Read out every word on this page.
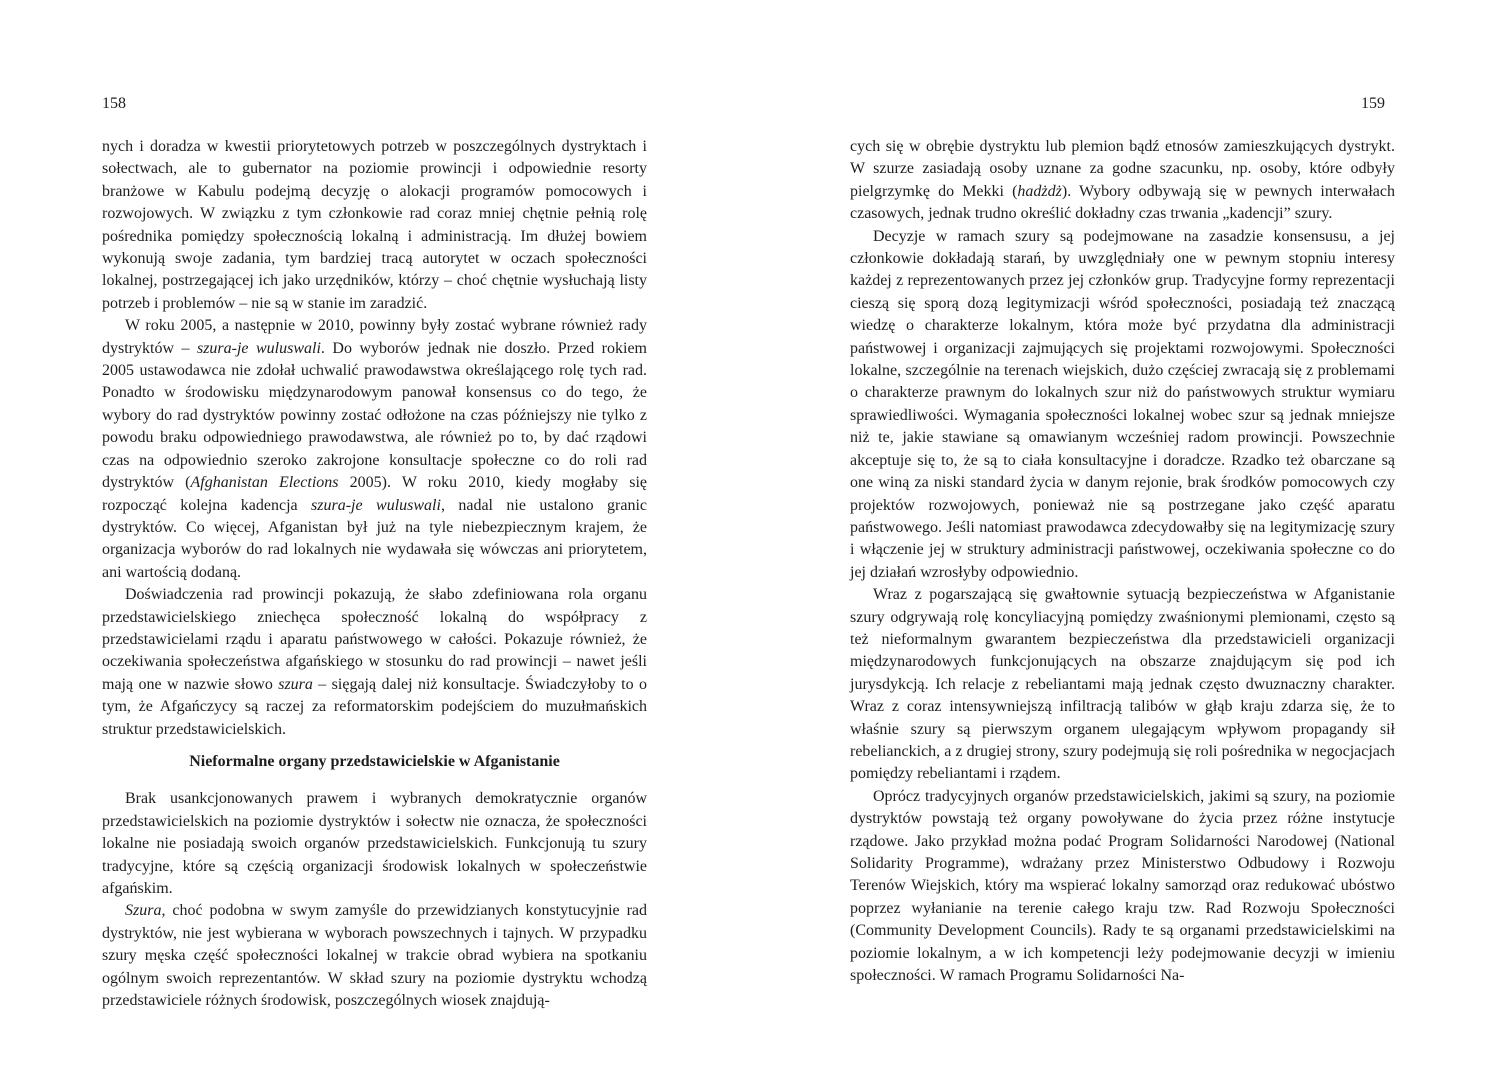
158

nych i doradza w kwestii priorytetowych potrzeb w poszczególnych dystryktach i sołectwach, ale to gubernator na poziomie prowincji i odpowiednie resorty branżowe w Kabulu podejmą decyzję o alokacji programów pomocowych i rozwojowych. W związku z tym członkowie rad coraz mniej chętnie pełnią rolę pośrednika pomiędzy społecznością lokalną i administracją. Im dłużej bowiem wykonują swoje zadania, tym bardziej tracą autorytet w oczach społeczności lokalnej, postrzegającej ich jako urzędników, którzy – choć chętnie wysłuchają listy potrzeb i problemów – nie są w stanie im zaradzić.

W roku 2005, a następnie w 2010, powinny były zostać wybrane również rady dystryktów – szura-je wuluswali. Do wyborów jednak nie doszło. Przed rokiem 2005 ustawodawca nie zdołał uchwalić prawodawstwa określającego rolę tych rad. Ponadto w środowisku międzynarodowym panował konsensus co do tego, że wybory do rad dystryktów powinny zostać odłożone na czas późniejszy nie tylko z powodu braku odpowiedniego prawodawstwa, ale również po to, by dać rządowi czas na odpowiednio szeroko zakrojone konsultacje społeczne co do roli rad dystryktów (Afghanistan Elections 2005). W roku 2010, kiedy mogłaby się rozpocząć kolejna kadencja szura-je wuluswali, nadal nie ustalono granic dystryktów. Co więcej, Afganistan był już na tyle niebezpiecznym krajem, że organizacja wyborów do rad lokalnych nie wydawała się wówczas ani priorytetem, ani wartością dodaną.

Doświadczenia rad prowincji pokazują, że słabo zdefiniowana rola organu przedstawicielskiego zniechęca społeczność lokalną do współpracy z przedstawicielami rządu i aparatu państwowego w całości. Pokazuje również, że oczekiwania społeczeństwa afgańskiego w stosunku do rad prowincji – nawet jeśli mają one w nazwie słowo szura – sięgają dalej niż konsultacje. Świadczyłoby to o tym, że Afgańczycy są raczej za reformatorskim podejściem do muzułmańskich struktur przedstawicielskich.

Nieformalne organy przedstawicielskie w Afganistanie

Brak usankcjonowanych prawem i wybranych demokratycznie organów przedstawicielskich na poziomie dystryktów i sołectw nie oznacza, że społeczności lokalne nie posiadają swoich organów przedstawicielskich. Funkcjonują tu szury tradycyjne, które są częścią organizacji środowisk lokalnych w społeczeństwie afgańskim.

Szura, choć podobna w swym zamyśle do przewidzianych konstytucyjnie rad dystryktów, nie jest wybierana w wyborach powszechnych i tajnych. W przypadku szury męska część społeczności lokalnej w trakcie obrad wybiera na spotkaniu ogólnym swoich reprezentantów. W skład szury na poziomie dystryktu wchodzą przedstawiciele różnych środowisk, poszczególnych wiosek znajdują-

159

cych się w obrębie dystryktu lub plemion bądź etnosów zamieszkujących dystrykt. W szurze zasiadają osoby uznane za godne szacunku, np. osoby, które odbyły pielgrzymkę do Mekki (hadżdż). Wybory odbywają się w pewnych interwałach czasowych, jednak trudno określić dokładny czas trwania „kadencji” szury.

Decyzje w ramach szury są podejmowane na zasadzie konsensusu, a jej członkowie dokładają starań, by uwzględniały one w pewnym stopniu interesy każdej z reprezentowanych przez jej członków grup. Tradycyjne formy reprezentacji cieszą się sporą dozą legitymizacji wśród społeczności, posiadają też znaczącą wiedzę o charakterze lokalnym, która może być przydatna dla administracji państwowej i organizacji zajmujących się projektami rozwojowymi. Społeczności lokalne, szczególnie na terenach wiejskich, dużo częściej zwracają się z problemami o charakterze prawnym do lokalnych szur niż do państwowych struktur wymiaru sprawiedliwości. Wymagania społeczności lokalnej wobec szur są jednak mniejsze niż te, jakie stawiane są omawianym wcześniej radom prowincji. Powszechnie akceptuje się to, że są to ciała konsultacyjne i doradcze. Rzadko też obarczane są one winą za niski standard życia w danym rejonie, brak środków pomocowych czy projektów rozwojowych, ponieważ nie są postrzegane jako część aparatu państwowego. Jeśli natomiast prawodawca zdecydowałby się na legitymizację szury i włączenie jej w struktury administracji państwowej, oczekiwania społeczne co do jej działań wzrosłyby odpowiednio.

Wraz z pogarszającą się gwałtownie sytuacją bezpieczeństwa w Afganistanie szury odgrywają rolę koncyliacyjną pomiędzy zwaśnionymi plemionami, często są też nieformalnym gwarantem bezpieczeństwa dla przedstawicieli organizacji międzynarodowych funkcjonujących na obszarze znajdującym się pod ich jurysdykcją. Ich relacje z rebeliantami mają jednak często dwuznaczny charakter. Wraz z coraz intensywniejszą infiltracją talibów w głąb kraju zdarza się, że to właśnie szury są pierwszym organem ulegającym wpływom propagandy sił rebelianckich, a z drugiej strony, szury podejmują się roli pośrednika w negocjacjach pomiędzy rebeliantami i rządem.

Oprócz tradycyjnych organów przedstawicielskich, jakimi są szury, na poziomie dystryktów powstają też organy powoływane do życia przez różne instytucje rządowe. Jako przykład można podać Program Solidarności Narodowej (National Solidarity Programme), wdrażany przez Ministerstwo Odbudowy i Rozwoju Terenów Wiejskich, który ma wspierać lokalny samorząd oraz redukować ubóstwo poprzez wyłanianie na terenie całego kraju tzw. Rad Rozwoju Społeczności (Community Development Councils). Rady te są organami przedstawicielskimi na poziomie lokalnym, a w ich kompetencji leży podejmowanie decyzji w imieniu społeczności. W ramach Programu Solidarności Na-
